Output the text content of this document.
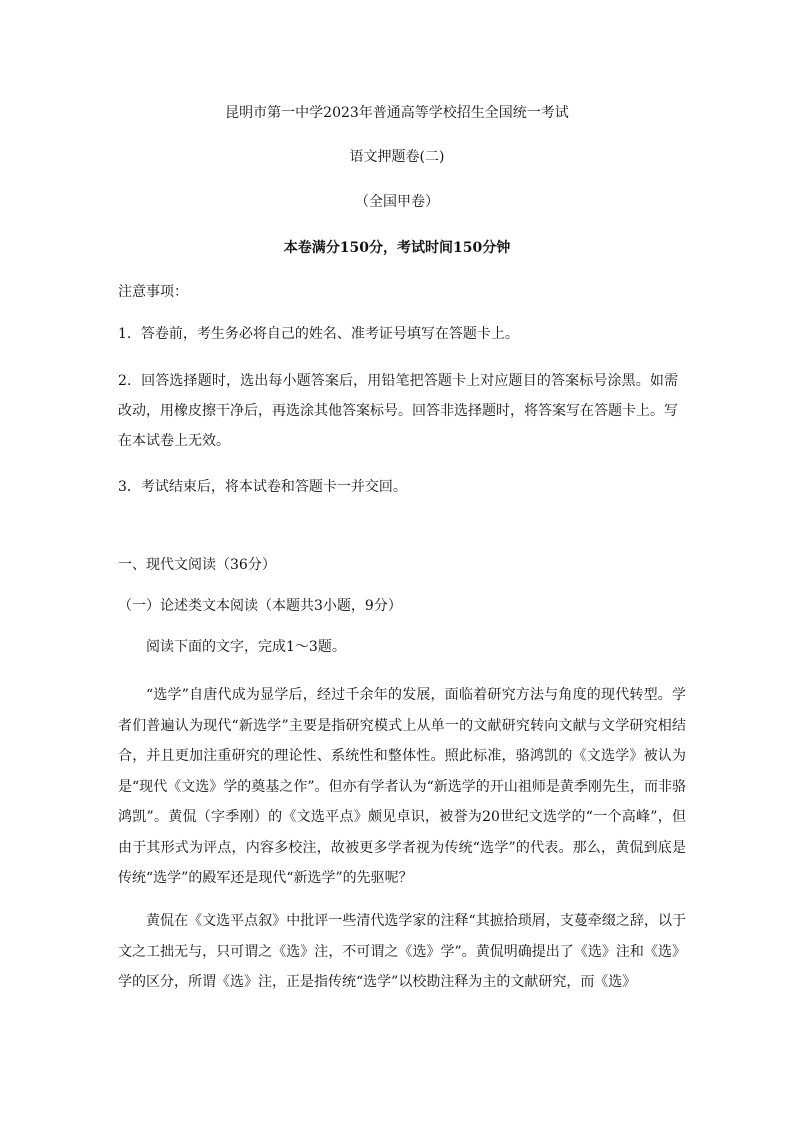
昆明市第一中学2023年普通高等学校招生全国统一考试
语文押题卷(二)
（全国甲卷）
本卷满分150分，考试时间150分钟
注意事项：
1．答卷前，考生务必将自己的姓名、准考证号填写在答题卡上。
2．回答选择题时，选出每小题答案后，用铅笔把答题卡上对应题目的答案标号涂黑。如需改动，用橡皮擦干净后，再选涂其他答案标号。回答非选择题时，将答案写在答题卡上。写在本试卷上无效。
3．考试结束后，将本试卷和答题卡一并交回。
一、现代文阅读（36分）
（一）论述类文本阅读（本题共3小题，9分）
阅读下面的文字，完成1～3题。
“选学”自唐代成为显学后，经过千余年的发展，面临着研究方法与角度的现代转型。学者们普遍认为现代“新选学”主要是指研究模式上从单一的文献研究转向文献与文学研究相结合，并且更加注重研究的理论性、系统性和整体性。照此标准，骆鸿凯的《文选学》被认为是“现代《文选》学的奠基之作”。但亦有学者认为“新选学的开山祖师是黄季刚先生，而非骆鸿凯”。黄侃（字季刚）的《文选平点》颇见卓识，被誉为20世纪文选学的“一个高峰”，但由于其形式为评点，内容多校注，故被更多学者视为传统“选学”的代表。那么，黄侃到底是传统“选学”的殿军还是现代“新选学”的先驱呢？
黄侃在《文选平点叙》中批评一些清代选学家的注释“其摭拾琐屑，支蔓牵缀之辞，以于文之工拙无与，只可谓之《选》注，不可谓之《选》学”。黄侃明确提出了《选》注和《选》学的区分，所谓《选》注，正是指传统“选学”以校勘注释为主的文献研究，而《选》
